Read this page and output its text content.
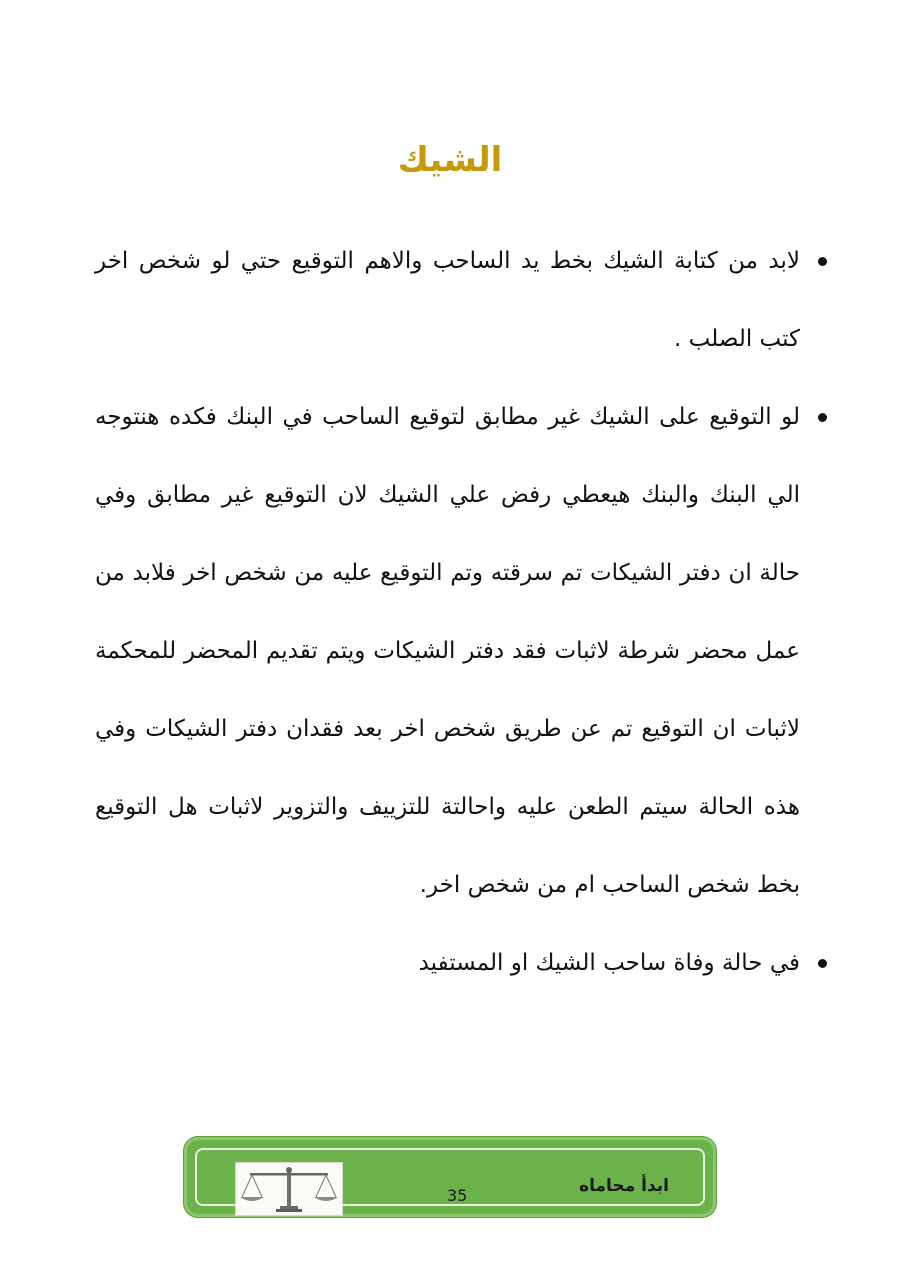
الشيك
لابد من كتابة الشيك بخط يد الساحب والاهم التوقيع حتي لو شخص اخر كتب الصلب .
لو التوقيع على الشيك غير مطابق لتوقيع الساحب في البنك فكده هنتوجه الي البنك والبنك هيعطي رفض علي الشيك لان التوقيع غير مطابق وفي حالة ان دفتر الشيكات تم سرقته وتم التوقيع عليه من شخص اخر فلابد من عمل محضر شرطة لاثبات فقد دفتر الشيكات ويتم تقديم المحضر للمحكمة لاثبات ان التوقيع تم عن طريق شخص اخر بعد فقدان دفتر الشيكات وفي هذه الحالة سيتم الطعن عليه واحالتة للتزييف والتزوير لاثبات هل التوقيع بخط شخص الساحب ام من شخص اخر.
في حالة وفاة ساحب الشيك او المستفيد
ابدأ محاماه
35
